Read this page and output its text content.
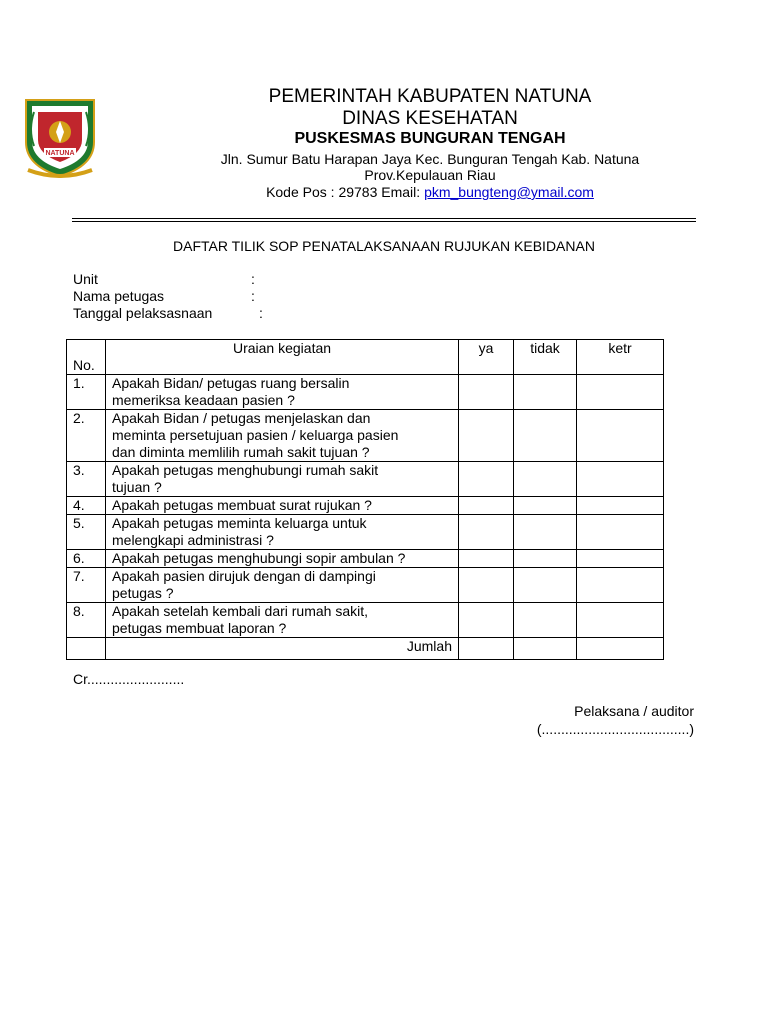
NATUNA
PEMERINTAH KABUPATEN NATUNA
DINAS KESEHATAN
PUSKESMAS BUNGURAN TENGAH
Jln. Sumur Batu Harapan Jaya Kec. Bunguran Tengah Kab. Natuna
Prov.Kepulauan Riau
Kode Pos : 29783 Email: pkm_bungteng@ymail.com
DAFTAR TILIK SOP PENATALAKSANAAN RUJUKAN KEBIDANAN
Unit	:
Nama petugas	:
Tanggal pelaksasnaan	:
No.	Uraian kegiatan	ya	tidak	ketr
1.	Apakah Bidan/ petugas ruang bersalin
memeriksa keadaan pasien ?			

2.	Apakah Bidan / petugas menjelaskan dan
meminta persetujuan pasien / keluarga pasien
dan diminta memlilih rumah sakit tujuan ?			

3.	Apakah petugas menghubungi rumah sakit
tujuan ?			

4.	Apakah petugas membuat surat rujukan ?			

5.	Apakah petugas meminta keluarga untuk
melengkapi administrasi ?			

6.	Apakah petugas menghubungi sopir ambulan ?			

7.	Apakah pasien dirujuk dengan di dampingi
petugas ?			

8.	Apakah setelah kembali dari rumah sakit,
petugas membuat laporan ?			

	Jumlah			
Cr.........................
Pelaksana / auditor
(......................................)
